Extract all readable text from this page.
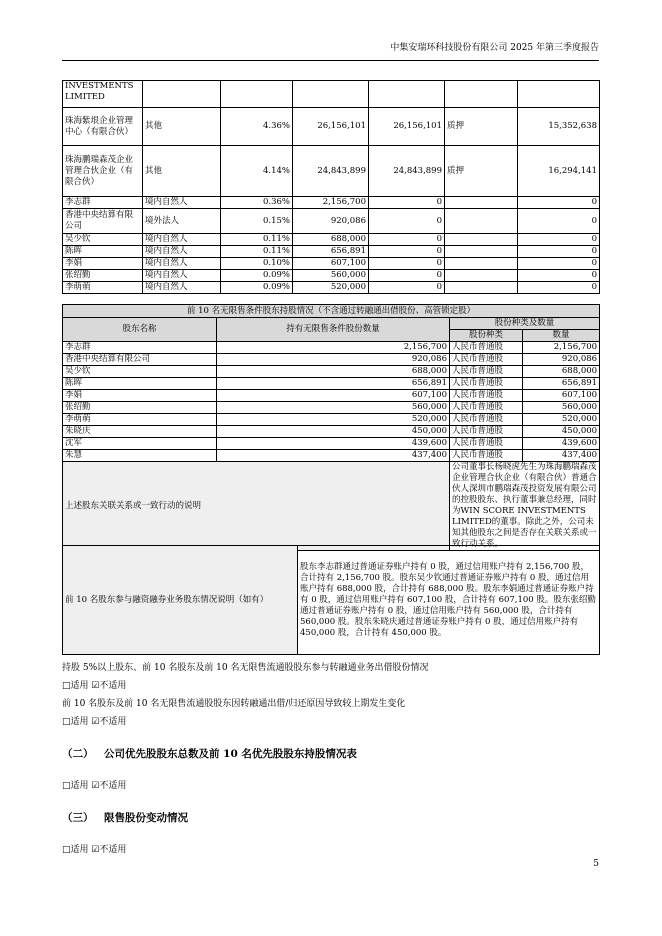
中集安瑞环科技股份有限公司 2025 年第三季度报告
INVESTMENTS LIMITED						
珠海紫垠企业管理中心（有限合伙）	其他	4.36%	26,156,101	26,156,101	质押	15,352,638
珠海鹏瑞森茂企业管理合伙企业（有限合伙）	其他	4.14%	24,843,899	24,843,899	质押	16,294,141
李志群	境内自然人	0.36%	2,156,700	0		0
香港中央结算有限公司	境外法人	0.15%	920,086	0		0
吴少钦	境内自然人	0.11%	688,000	0		0
陈晖	境内自然人	0.11%	656,891	0		0
李娟	境内自然人	0.10%	607,100	0		0
张绍勤	境内自然人	0.09%	560,000	0		0
李萌萌	境内自然人	0.09%	520,000	0		0
前 10 名无限售条件股东持股情况（不含通过转融通出借股份、高管锁定股）			
股东名称	持有无限售条件股份数量	股份种类及数量	
		股份种类	数量
李志群	2,156,700	人民币普通股	2,156,700
香港中央结算有限公司	920,086	人民币普通股	920,086
吴少钦	688,000	人民币普通股	688,000
陈晖	656,891	人民币普通股	656,891
李娟	607,100	人民币普通股	607,100
张绍勤	560,000	人民币普通股	560,000
李萌萌	520,000	人民币普通股	520,000
朱晓庆	450,000	人民币普通股	450,000
沈军	439,600	人民币普通股	439,600
朱慧	437,400	人民币普通股	437,400
上述股东关联关系或一致行动的说明		公司董事长杨晓虎先生为珠海鹏瑞森茂企业管理合伙企业（有限合伙）普通合伙人深圳市鹏瑞森茂投资发展有限公司的控股股东、执行董事兼总经理，同时为WIN SCORE INVESTMENTS LIMITED的董事。除此之外，公司未知其他股东之间是否存在关联关系或一致行动关系。	
前 10 名股东参与融资融券业务股东情况说明（如有）	股东李志群通过普通证券账户持有 0 股，通过信用账户持有 2,156,700 股，合计持有 2,156,700 股。股东吴少钦通过普通证券账户持有 0 股，通过信用账户持有 688,000 股，合计持有 688,000 股。股东李娟通过普通证券账户持有 0 股，通过信用账户持有 607,100 股，合计持有 607,100 股。股东张绍勤通过普通证券账户持有 0 股，通过信用账户持有 560,000 股，合计持有 560,000 股。股东朱晓庆通过普通证券账户持有 0 股，通过信用账户持有 450,000 股，合计持有 450,000 股。
持股 5%以上股东、前 10 名股东及前 10 名无限售流通股股东参与转融通业务出借股份情况
□适用 ☑不适用
前 10 名股东及前 10 名无限售流通股股东因转融通出借/归还原因导致较上期发生变化
□适用 ☑不适用
（二） 公司优先股股东总数及前 10 名优先股股东持股情况表
□适用 ☑不适用
（三） 限售股份变动情况
□适用 ☑不适用
5
